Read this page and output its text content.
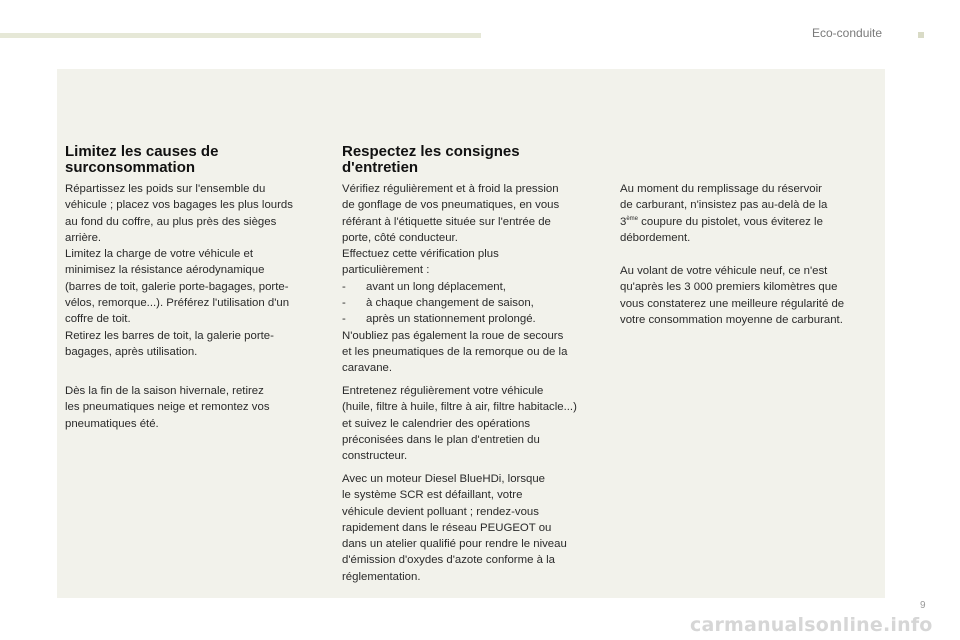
Eco-conduite
Limitez les causes de
surconsommation

Répartissez les poids sur l'ensemble du
véhicule ; placez vos bagages les plus lourds
au fond du coffre, au plus près des sièges
arrière.
Limitez la charge de votre véhicule et
minimisez la résistance aérodynamique
(barres de toit, galerie porte-bagages, porte-
vélos, remorque...). Préférez l'utilisation d'un
coffre de toit.
Retirez les barres de toit, la galerie porte-
bagages, après utilisation.

Dès la fin de la saison hivernale, retirez
les pneumatiques neige et remontez vos
pneumatiques été.

Respectez les consignes
d'entretien

Vérifiez régulièrement et à froid la pression
de gonflage de vos pneumatiques, en vous
référant à l'étiquette située sur l'entrée de
porte, côté conducteur.
Effectuez cette vérification plus
particulièrement :
-	avant un long déplacement,
-	à chaque changement de saison,
-	après un stationnement prolongé.
N'oubliez pas également la roue de secours
et les pneumatiques de la remorque ou de la
caravane.

Entretenez régulièrement votre véhicule
(huile, filtre à huile, filtre à air, filtre habitacle...)
et suivez le calendrier des opérations
préconisées dans le plan d'entretien du
constructeur.

Avec un moteur Diesel BlueHDi, lorsque
le système SCR est défaillant, votre
véhicule devient polluant ; rendez-vous
rapidement dans le réseau PEUGEOT ou
dans un atelier qualifié pour rendre le niveau
d'émission d'oxydes d'azote conforme à la
réglementation.

Au moment du remplissage du réservoir
de carburant, n'insistez pas au-delà de la
3ème coupure du pistolet, vous éviterez le
débordement.

Au volant de votre véhicule neuf, ce n'est
qu'après les 3 000 premiers kilomètres que
vous constaterez une meilleure régularité de
votre consommation moyenne de carburant.

9
carmanualsonline.info
